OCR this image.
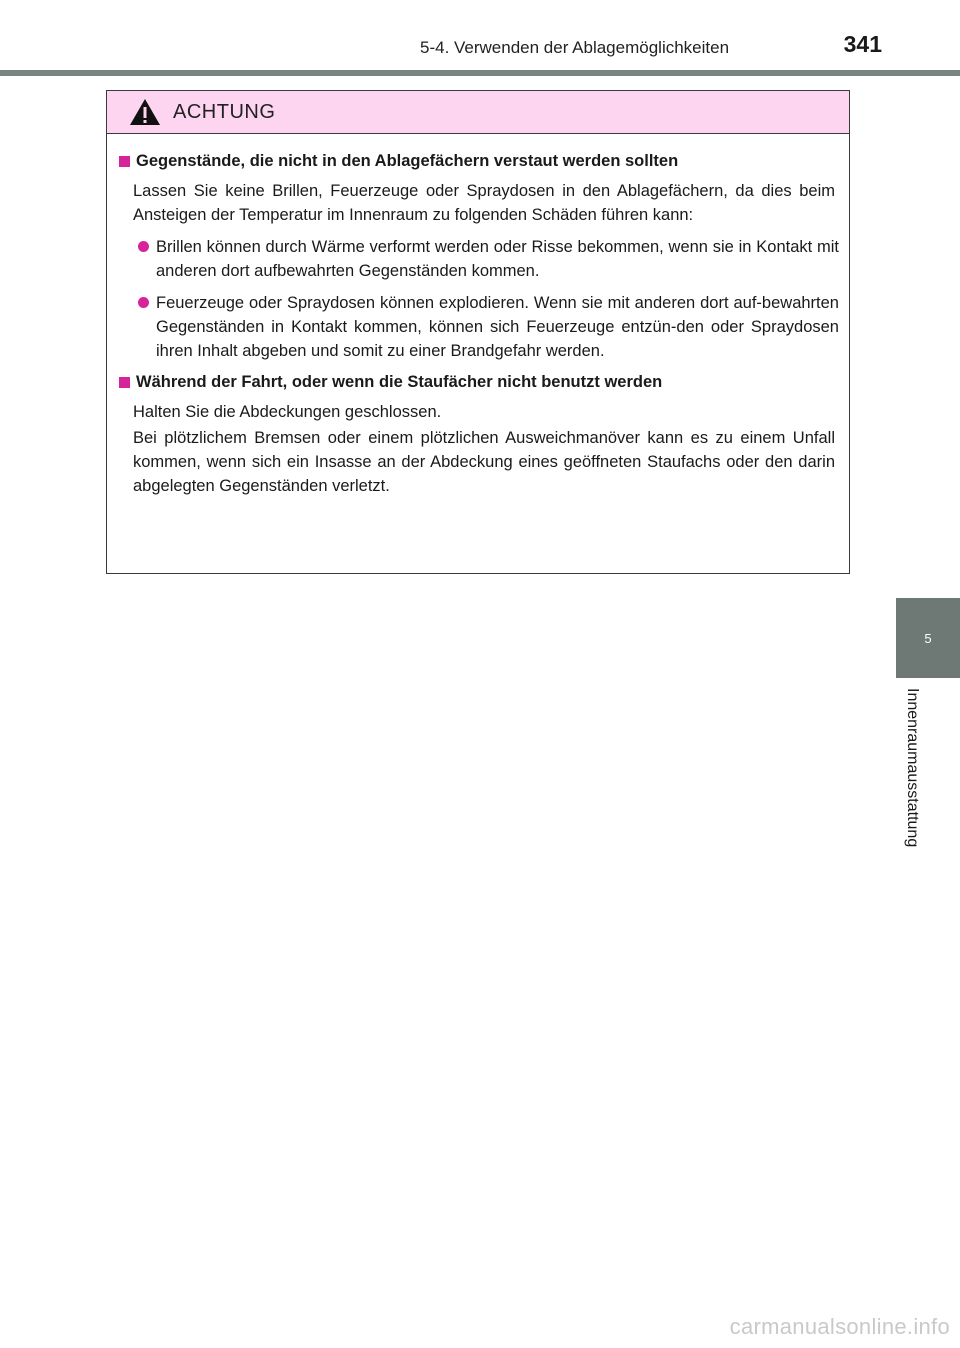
5-4. Verwenden der Ablagemöglichkeiten	341
ACHTUNG
Gegenstände, die nicht in den Ablagefächern verstaut werden sollten
Lassen Sie keine Brillen, Feuerzeuge oder Spraydosen in den Ablagefächern, da dies beim Ansteigen der Temperatur im Innenraum zu folgenden Schäden führen kann:
Brillen können durch Wärme verformt werden oder Risse bekommen, wenn sie in Kontakt mit anderen dort aufbewahrten Gegenständen kommen.
Feuerzeuge oder Spraydosen können explodieren. Wenn sie mit anderen dort auf-bewahrten Gegenständen in Kontakt kommen, können sich Feuerzeuge entzün-den oder Spraydosen ihren Inhalt abgeben und somit zu einer Brandgefahr werden.
Während der Fahrt, oder wenn die Staufächer nicht benutzt werden
Halten Sie die Abdeckungen geschlossen.
Bei plötzlichem Bremsen oder einem plötzlichen Ausweichmanöver kann es zu einem Unfall kommen, wenn sich ein Insasse an der Abdeckung eines geöffneten Staufachs oder den darin abgelegten Gegenständen verletzt.
5
Innenraumausstattung
carmanualsonline.info
